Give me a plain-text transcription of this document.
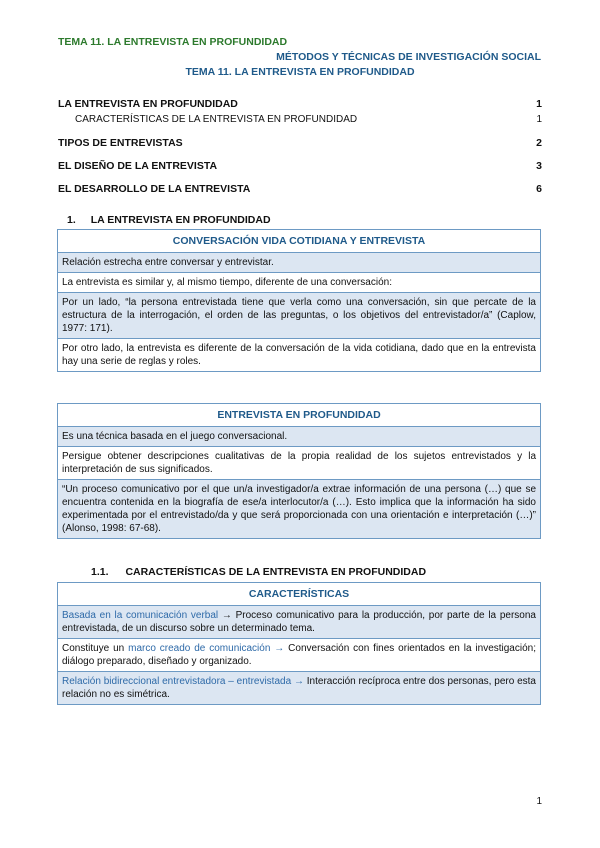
TEMA 11. LA ENTREVISTA EN PROFUNDIDAD
MÉTODOS Y TÉCNICAS DE INVESTIGACIÓN SOCIAL
TEMA 11. LA ENTREVISTA EN PROFUNDIDAD
LA ENTREVISTA EN PROFUNDIDAD	1
CARACTERÍSTICAS DE LA ENTREVISTA EN PROFUNDIDAD	1
TIPOS DE ENTREVISTAS	2
EL DISEÑO DE LA ENTREVISTA	3
EL DESARROLLO DE LA ENTREVISTA	6
1. LA ENTREVISTA EN PROFUNDIDAD
CONVERSACIÓN VIDA COTIDIANA Y ENTREVISTA
Relación estrecha entre conversar y entrevistar.
La entrevista es similar y, al mismo tiempo, diferente de una conversación:
Por un lado, “la persona entrevistada tiene que verla como una conversación, sin que percate de la estructura de la interrogación, el orden de las preguntas, o los objetivos del entrevistador/a” (Caplow, 1977: 171).
Por otro lado, la entrevista es diferente de la conversación de la vida cotidiana, dado que en la entrevista hay una serie de reglas y roles.
ENTREVISTA EN PROFUNDIDAD
Es una técnica basada en el juego conversacional.
Persigue obtener descripciones cualitativas de la propia realidad de los sujetos entrevistados y la interpretación de sus significados.
“Un proceso comunicativo por el que un/a investigador/a extrae información de una persona (…) que se encuentra contenida en la biografía de ese/a interlocutor/a (…). Esto implica que la información ha sido experimentada por el entrevistado/da y que será proporcionada con una orientación e interpretación (…)” (Alonso, 1998: 67-68).
1.1. CARACTERÍSTICAS DE LA ENTREVISTA EN PROFUNDIDAD
CARACTERÍSTICAS
Basada en la comunicación verbal → Proceso comunicativo para la producción, por parte de la persona entrevistada, de un discurso sobre un determinado tema.
Constituye un marco creado de comunicación → Conversación con fines orientados en la investigación; diálogo preparado, diseñado y organizado.
Relación bidireccional entrevistadora – entrevistada → Interacción recíproca entre dos personas, pero esta relación no es simétrica.
1
